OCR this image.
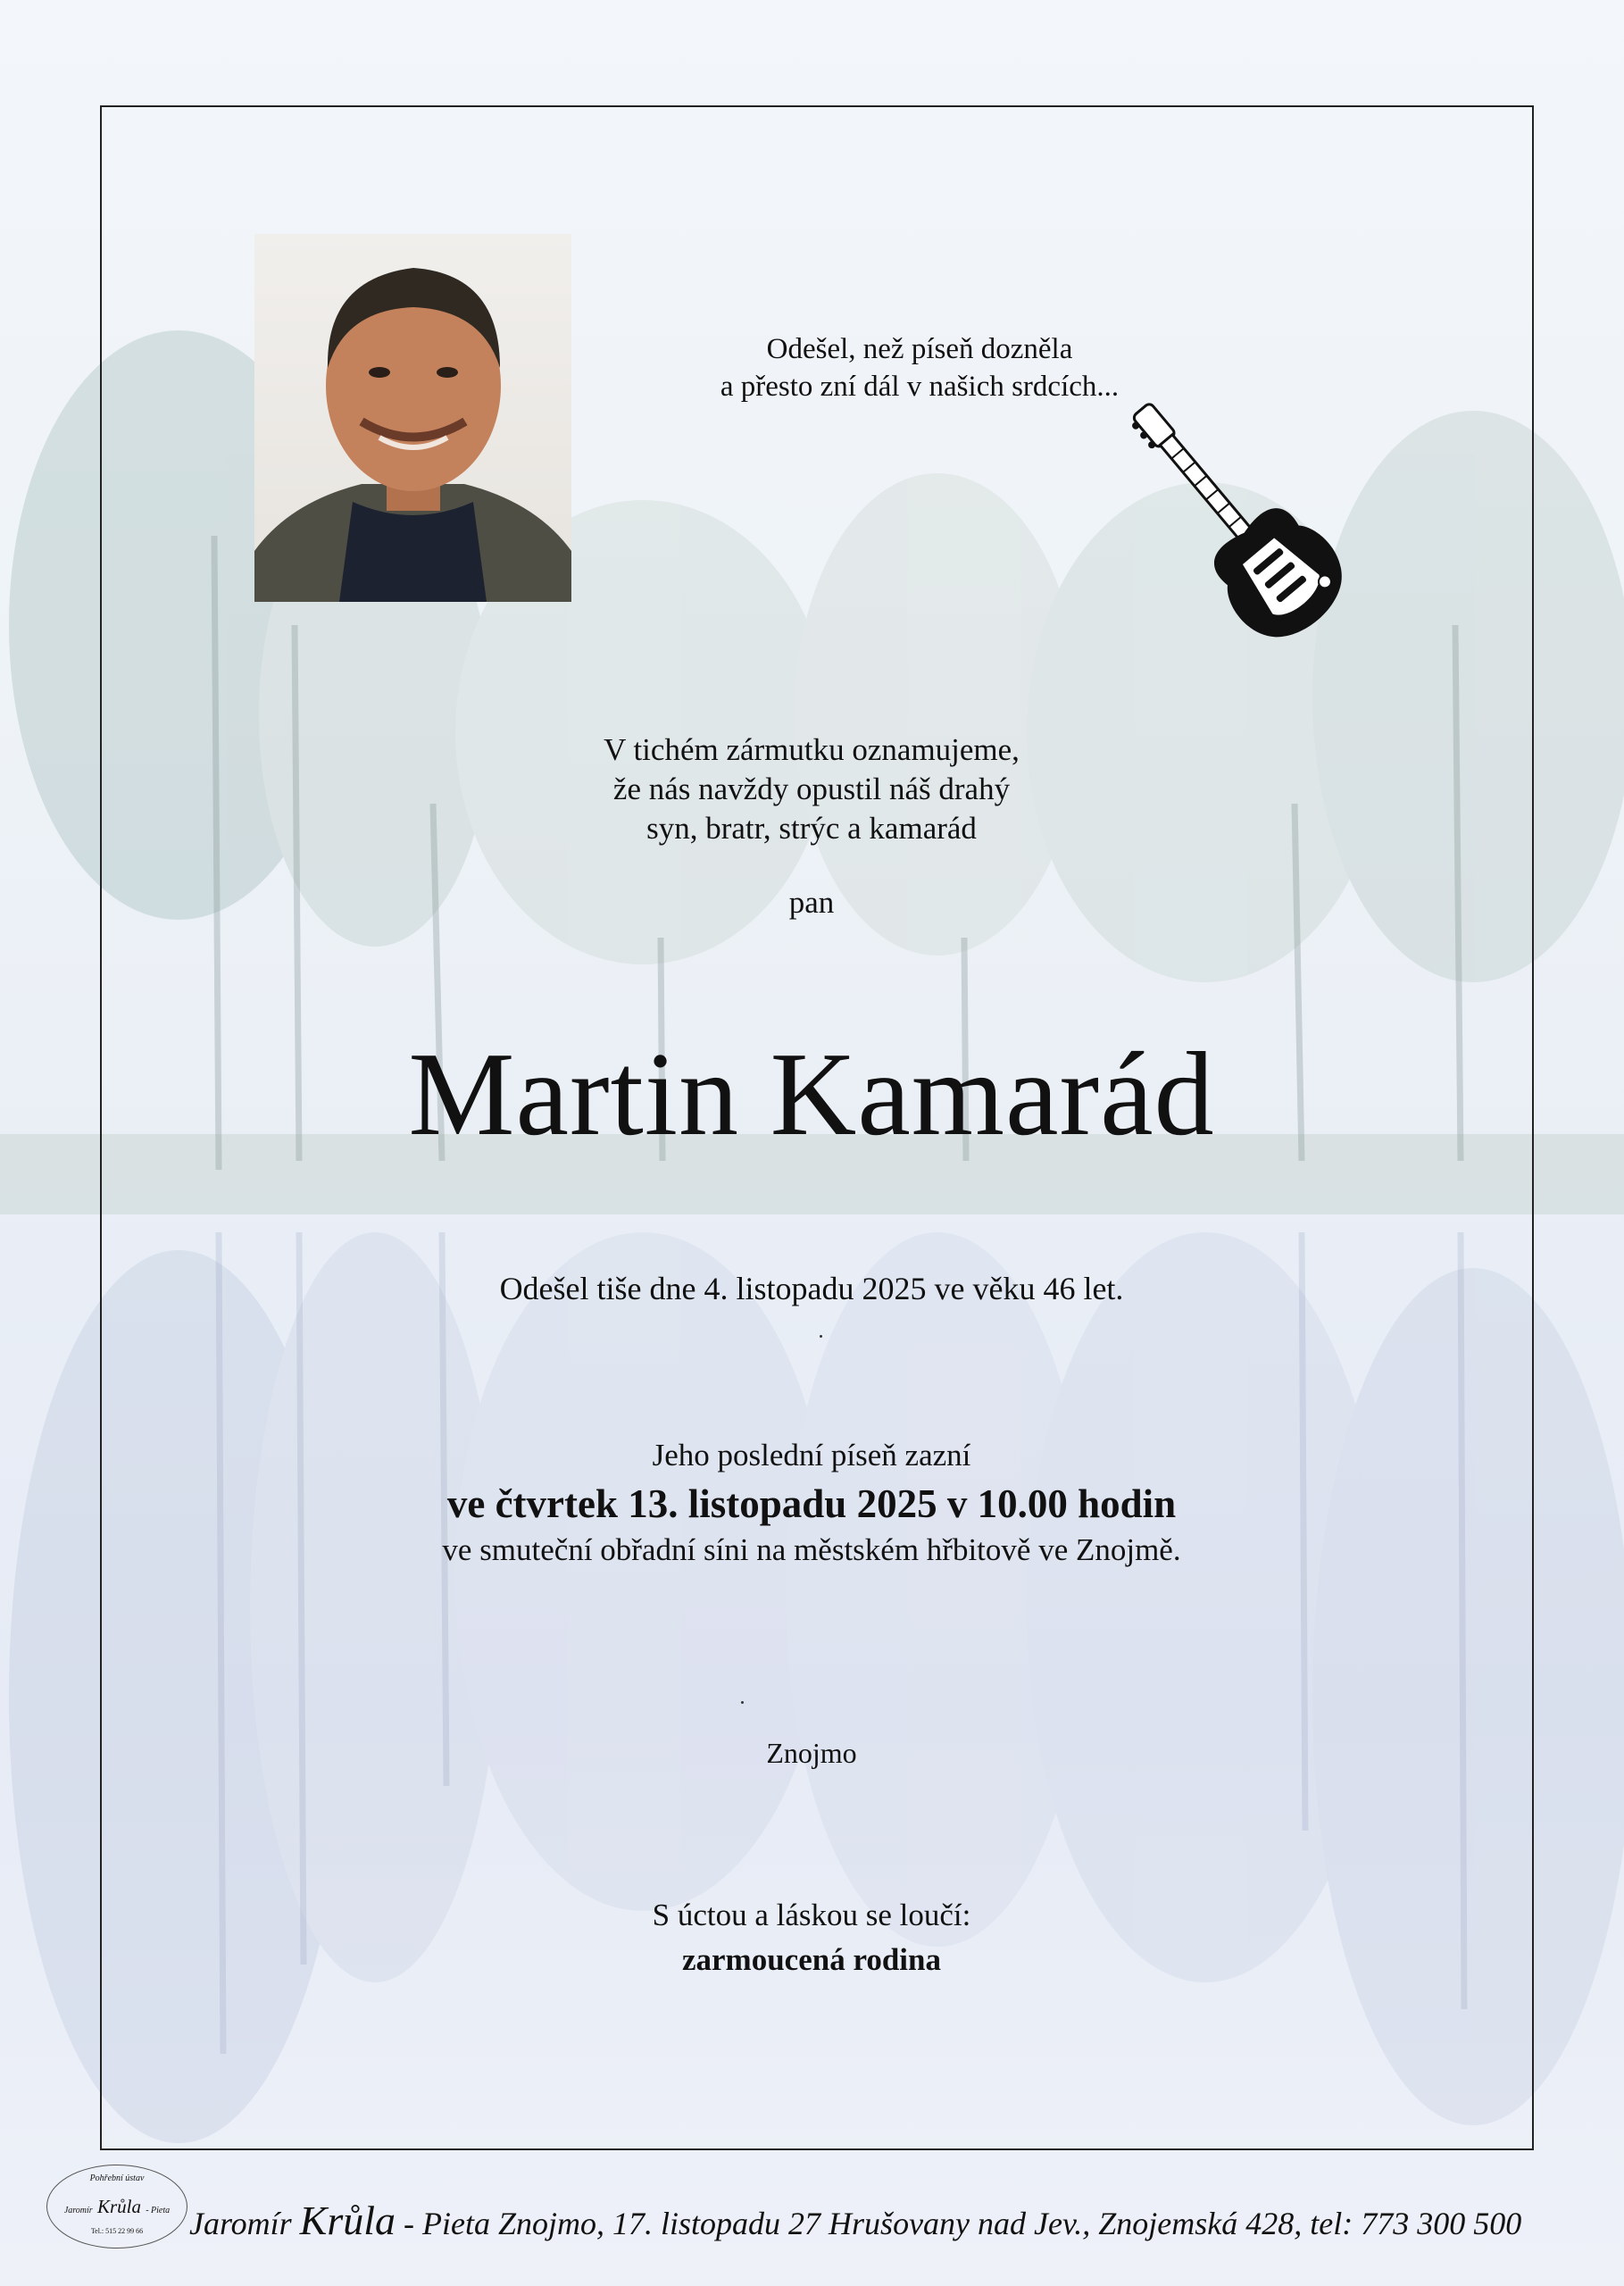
Odešel, než píseň dozněla
a přesto zní dál v našich srdcích...
V tichém zármutku oznamujeme,
že nás navždy opustil náš drahý
syn, bratr, strýc a kamarád
pan
Martin Kamarád
Odešel tiše dne 4. listopadu 2025 ve věku 46 let.
Jeho poslední píseň zazní
ve čtvrtek 13. listopadu 2025 v 10.00 hodin
ve smuteční obřadní síni na městském hřbitově ve Znojmě.
Znojmo
S úctou a láskou se loučí:
zarmoucená rodina
Pohřební ústav
Jaromír Krůla - Pieta
Tel.: 515 22 99 66	Jaromír Krůla - Pieta Znojmo, 17. listopadu 27 Hrušovany nad Jev., Znojemská 428, tel: 773 300 500
